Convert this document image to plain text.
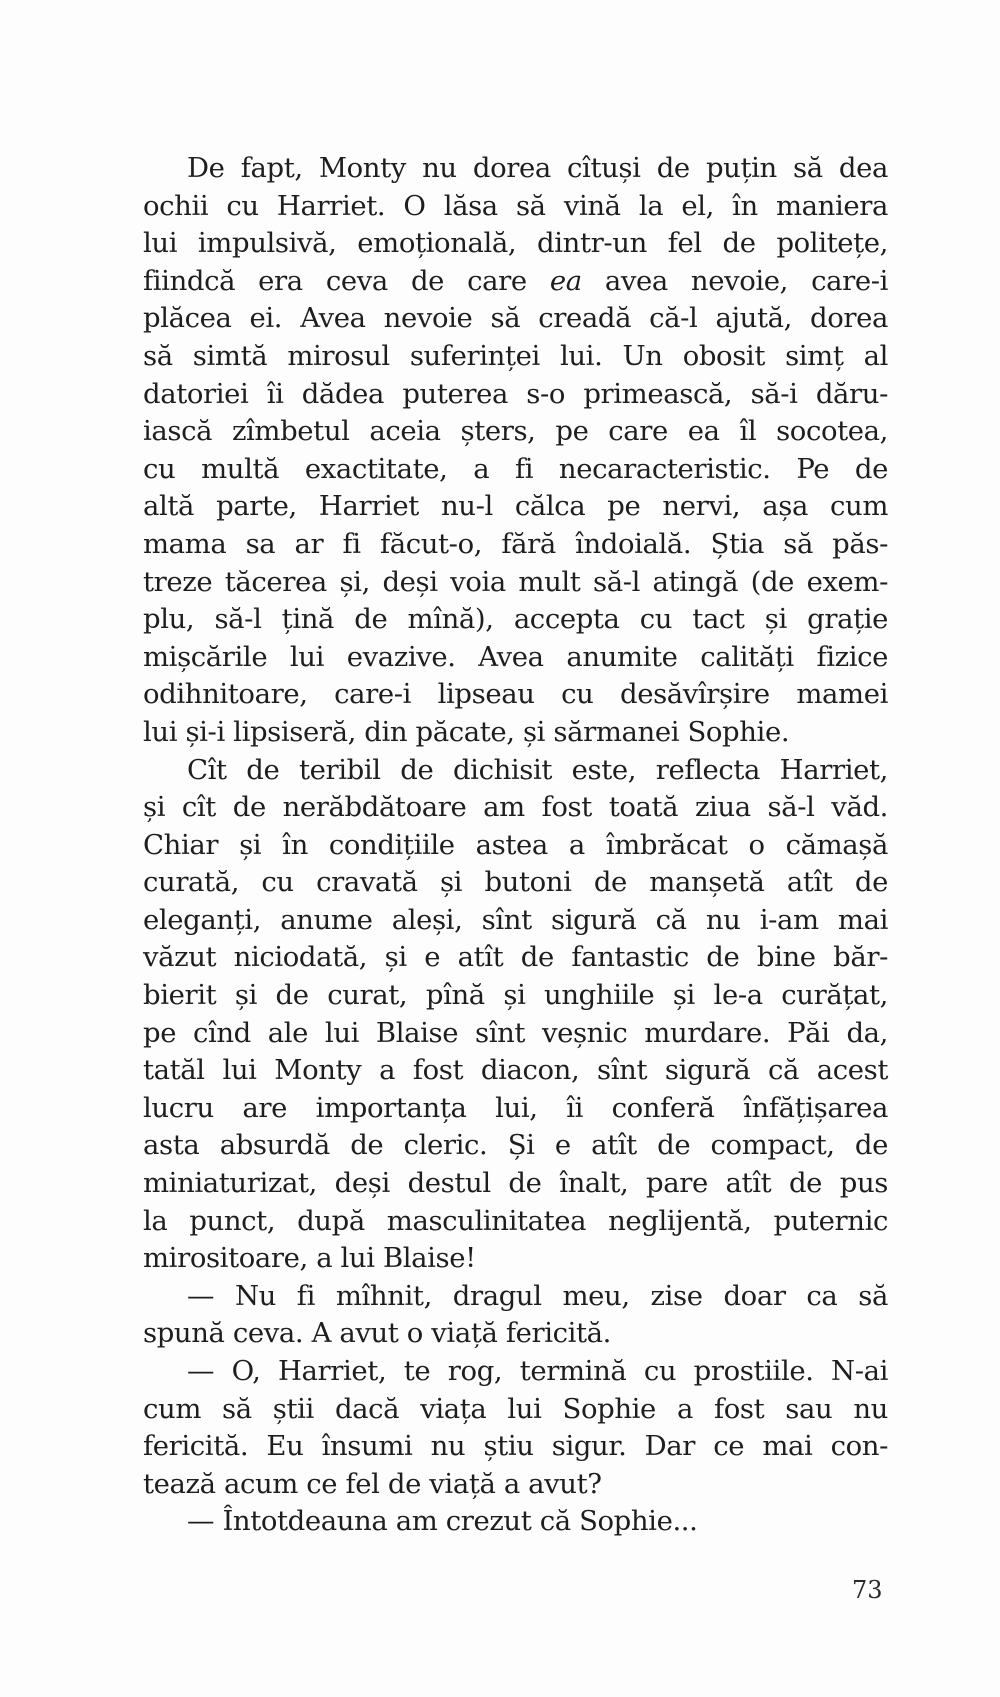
De fapt, Monty nu dorea cîtuși de puțin să dea
ochii cu Harriet. O lăsa să vină la el, în maniera
lui impulsivă, emoțională, dintr-un fel de politețe,
fiindcă era ceva de care ea avea nevoie, care-i
plăcea ei. Avea nevoie să creadă că-l ajută, dorea
să simtă mirosul suferinței lui. Un obosit simț al
datoriei îi dădea puterea s-o primească, să-i dăru-
iască zîmbetul aceia șters, pe care ea îl socotea,
cu multă exactitate, a fi necaracteristic. Pe de
altă parte, Harriet nu-l călca pe nervi, așa cum
mama sa ar fi făcut-o, fără îndoială. Știa să păs-
treze tăcerea și, deși voia mult să-l atingă (de exem-
plu, să-l țină de mînă), accepta cu tact și grație
mișcările lui evazive. Avea anumite calități fizice
odihnitoare, care-i lipseau cu desăvîrșire mamei
lui și-i lipsiseră, din păcate, și sărmanei Sophie.
Cît de teribil de dichisit este, reflecta Harriet,
și cît de nerăbdătoare am fost toată ziua să-l văd.
Chiar și în condițiile astea a îmbrăcat o cămașă
curată, cu cravată și butoni de manșetă atît de
eleganți, anume aleși, sînt sigură că nu i-am mai
văzut niciodată, și e atît de fantastic de bine băr-
bierit și de curat, pînă și unghiile și le-a curățat,
pe cînd ale lui Blaise sînt veșnic murdare. Păi da,
tatăl lui Monty a fost diacon, sînt sigură că acest
lucru are importanța lui, îi conferă înfățișarea
asta absurdă de cleric. Și e atît de compact, de
miniaturizat, deși destul de înalt, pare atît de pus
la punct, după masculinitatea neglijentă, puternic
mirositoare, a lui Blaise!
— Nu fi mîhnit, dragul meu, zise doar ca să
spună ceva. A avut o viață fericită.
— O, Harriet, te rog, termină cu prostiile. N-ai
cum să știi dacă viața lui Sophie a fost sau nu
fericită. Eu însumi nu știu sigur. Dar ce mai con-
tează acum ce fel de viață a avut?
— Întotdeauna am crezut că Sophie...
73
